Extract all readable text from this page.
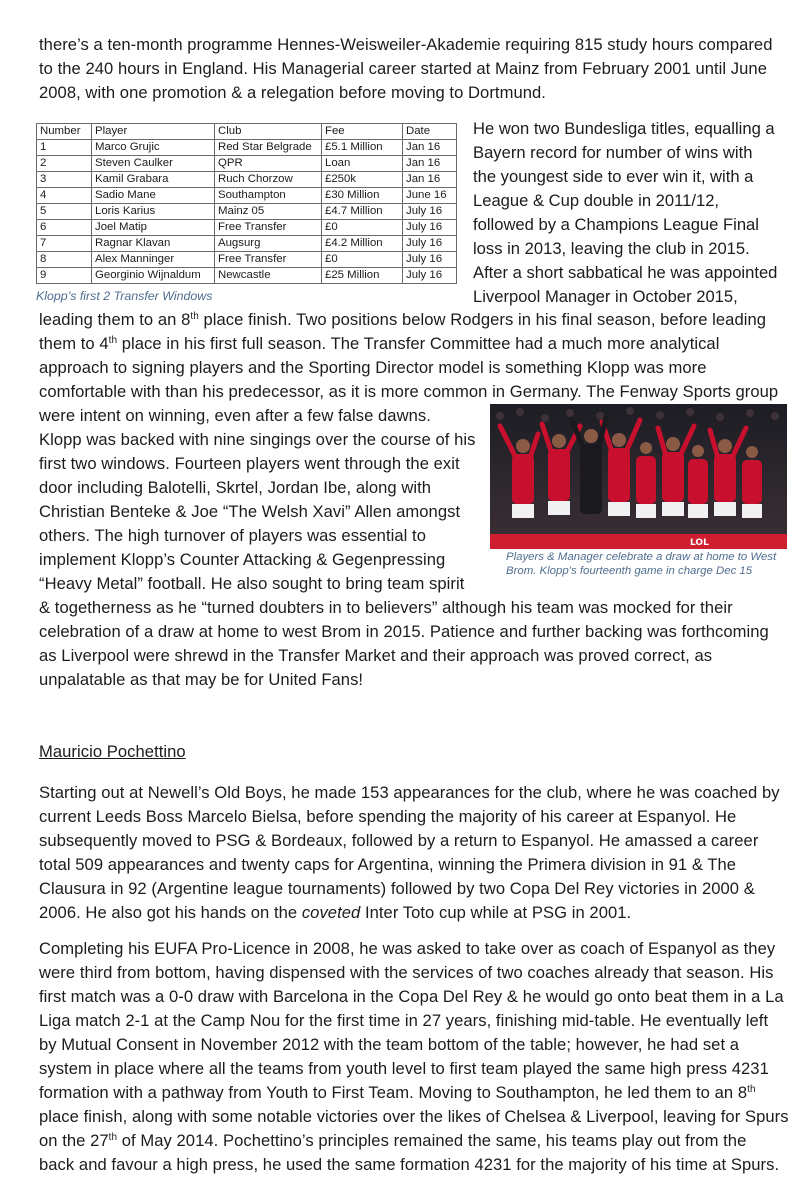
there’s a ten-month programme Hennes-Weisweiler-Akademie requiring 815 study hours compared

to the 240 hours in England. His Managerial career started at Mainz from February 2001 until June

2008, with one promotion & a relegation before moving to Dortmund.

Number	Player	Club	Fee	Date
1	Marco Grujic	Red Star Belgrade	£5.1 Million	Jan 16
2	Steven Caulker	QPR	Loan	Jan 16
3	Kamil Grabara	Ruch Chorzow	£250k	Jan 16
4	Sadio Mane	Southampton	£30 Million	June 16
5	Loris Karius	Mainz 05	£4.7 Million	July 16
6	Joel Matip	Free Transfer	£0	July 16
7	Ragnar Klavan	Augsurg	£4.2 Million	July 16
8	Alex Manninger	Free Transfer	£0	July 16
9	Georginio Wijnaldum	Newcastle	£25 Million	July 16

Klopp’s first 2 Transfer Windows

He won two Bundesliga titles, equalling a

Bayern record for number of wins with

the youngest side to ever win it, with a

League & Cup double in 2011/12,

followed by a Champions League Final

loss in 2013, leaving the club in 2015.

After a short sabbatical he was appointed

Liverpool Manager in October 2015,

leading them to an 8th place finish. Two positions below Rodgers in his final season, before leading

them to 4th place in his first full season. The Transfer Committee had a much more analytical

approach to signing players and the Sporting Director model is something Klopp was more

comfortable with than his predecessor, as it is more common in Germany. The Fenway Sports group

were intent on winning, even after a few false dawns.

Klopp was backed with nine singings over the course of his

first two windows. Fourteen players went through the exit

door including Balotelli, Skrtel, Jordan Ibe, along with

Christian Benteke & Joe “The Welsh Xavi” Allen amongst

others. The high turnover of players was essential to

implement Klopp’s Counter Attacking & Gegenpressing

“Heavy Metal” football. He also sought to bring team spirit

& togetherness as he “turned doubters in to believers” although his team was mocked for their

celebration of a draw at home to west Brom in 2015. Patience and further backing was forthcoming

as Liverpool were shrewd in the Transfer Market and their approach was proved correct, as

unpalatable as that may be for United Fans!

LOL

Players & Manager celebrate a draw at home to West Brom. Klopp’s fourteenth game in charge Dec 15

Mauricio Pochettino

Starting out at Newell’s Old Boys, he made 153 appearances for the club, where he was coached by

current Leeds Boss Marcelo Bielsa, before spending the majority of his career at Espanyol. He

subsequently moved to PSG & Bordeaux, followed by a return to Espanyol. He amassed a career

total 509 appearances and twenty caps for Argentina, winning the Primera division in 91 & The

Clausura in 92 (Argentine league tournaments) followed by two Copa Del Rey victories in 2000 &

2006. He also got his hands on the coveted Inter Toto cup while at PSG in 2001.

Completing his EUFA Pro-Licence in 2008, he was asked to take over as coach of Espanyol as they

were third from bottom, having dispensed with the services of two coaches already that season. His

first match was a 0-0 draw with Barcelona in the Copa Del Rey & he would go onto beat them in a La

Liga match 2-1 at the Camp Nou for the first time in 27 years, finishing mid-table. He eventually left

by Mutual Consent in November 2012 with the team bottom of the table; however, he had set a

system in place where all the teams from youth level to first team played the same high press 4231

formation with a pathway from Youth to First Team. Moving to Southampton, he led them to an 8th

place finish, along with some notable victories over the likes of Chelsea & Liverpool, leaving for Spurs

on the 27th of May 2014. Pochettino’s principles remained the same, his teams play out from the

back and favour a high press, he used the same formation 4231 for the majority of his time at Spurs.
